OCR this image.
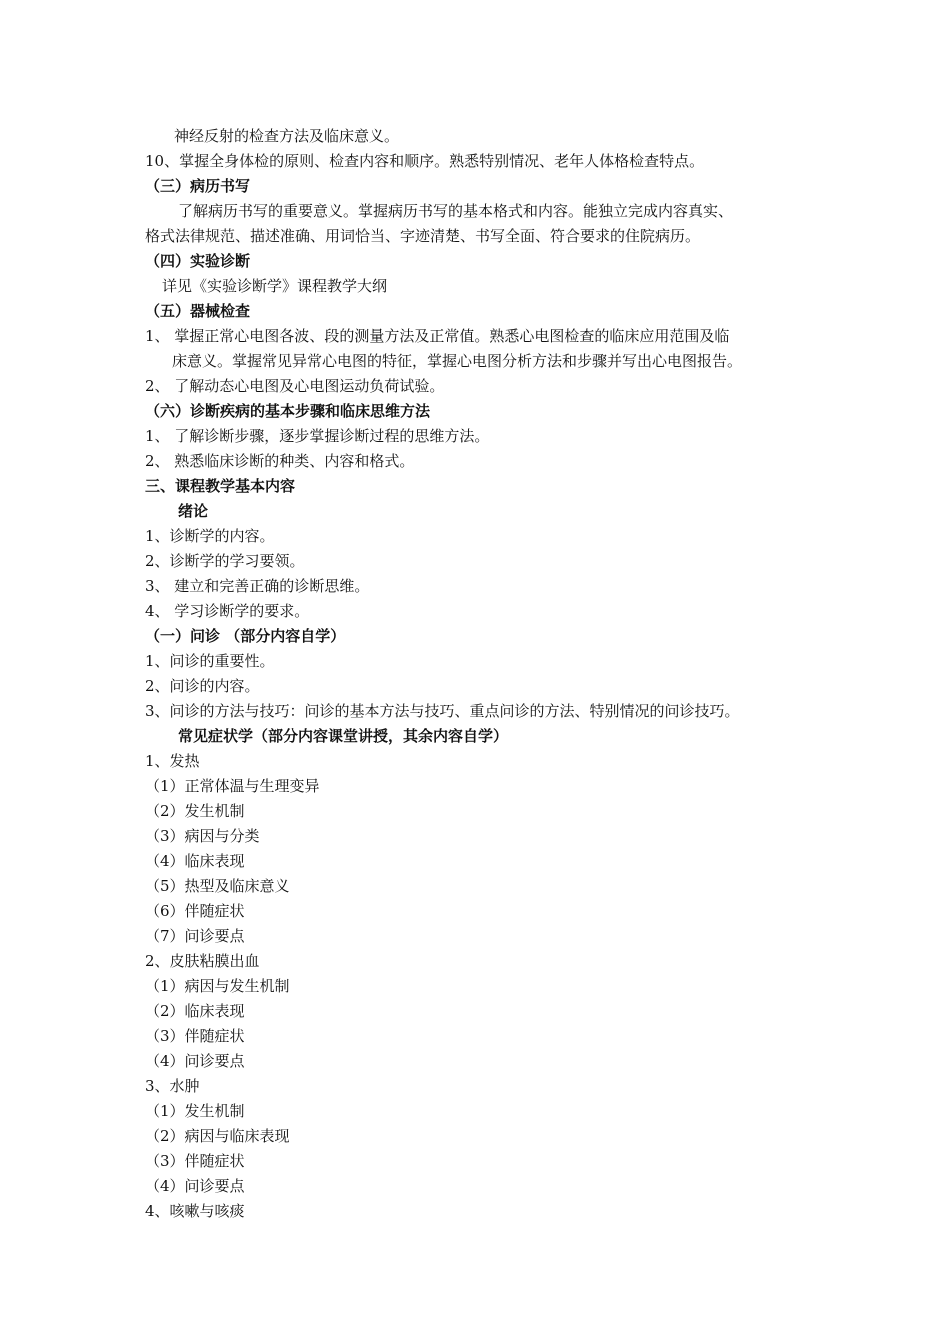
神经反射的检查方法及临床意义。
10、掌握全身体检的原则、检查内容和顺序。熟悉特别情况、老年人体格检查特点。
（三）病历书写
了解病历书写的重要意义。掌握病历书写的基本格式和内容。能独立完成内容真实、
格式法律规范、描述准确、用词恰当、字迹清楚、书写全面、符合要求的住院病历。
（四）实验诊断
详见《实验诊断学》课程教学大纲
（五）器械检查
1、 掌握正常心电图各波、段的测量方法及正常值。熟悉心电图检查的临床应用范围及临
床意义。掌握常见异常心电图的特征，掌握心电图分析方法和步骤并写出心电图报告。
2、 了解动态心电图及心电图运动负荷试验。
（六）诊断疾病的基本步骤和临床思维方法
1、 了解诊断步骤，逐步掌握诊断过程的思维方法。
2、 熟悉临床诊断的种类、内容和格式。
三、课程教学基本内容
绪论
1、诊断学的内容。
2、诊断学的学习要领。
3、 建立和完善正确的诊断思维。
4、 学习诊断学的要求。
（一）问诊 （部分内容自学）
1、问诊的重要性。
2、问诊的内容。
3、问诊的方法与技巧：问诊的基本方法与技巧、重点问诊的方法、特别情况的问诊技巧。
常见症状学（部分内容课堂讲授，其余内容自学）
1、发热
（1）正常体温与生理变异
（2）发生机制
（3）病因与分类
（4）临床表现
（5）热型及临床意义
（6）伴随症状
（7）问诊要点
2、皮肤粘膜出血
（1）病因与发生机制
（2）临床表现
（3）伴随症状
（4）问诊要点
3、水肿
（1）发生机制
（2）病因与临床表现
（3）伴随症状
（4）问诊要点
4、咳嗽与咳痰
